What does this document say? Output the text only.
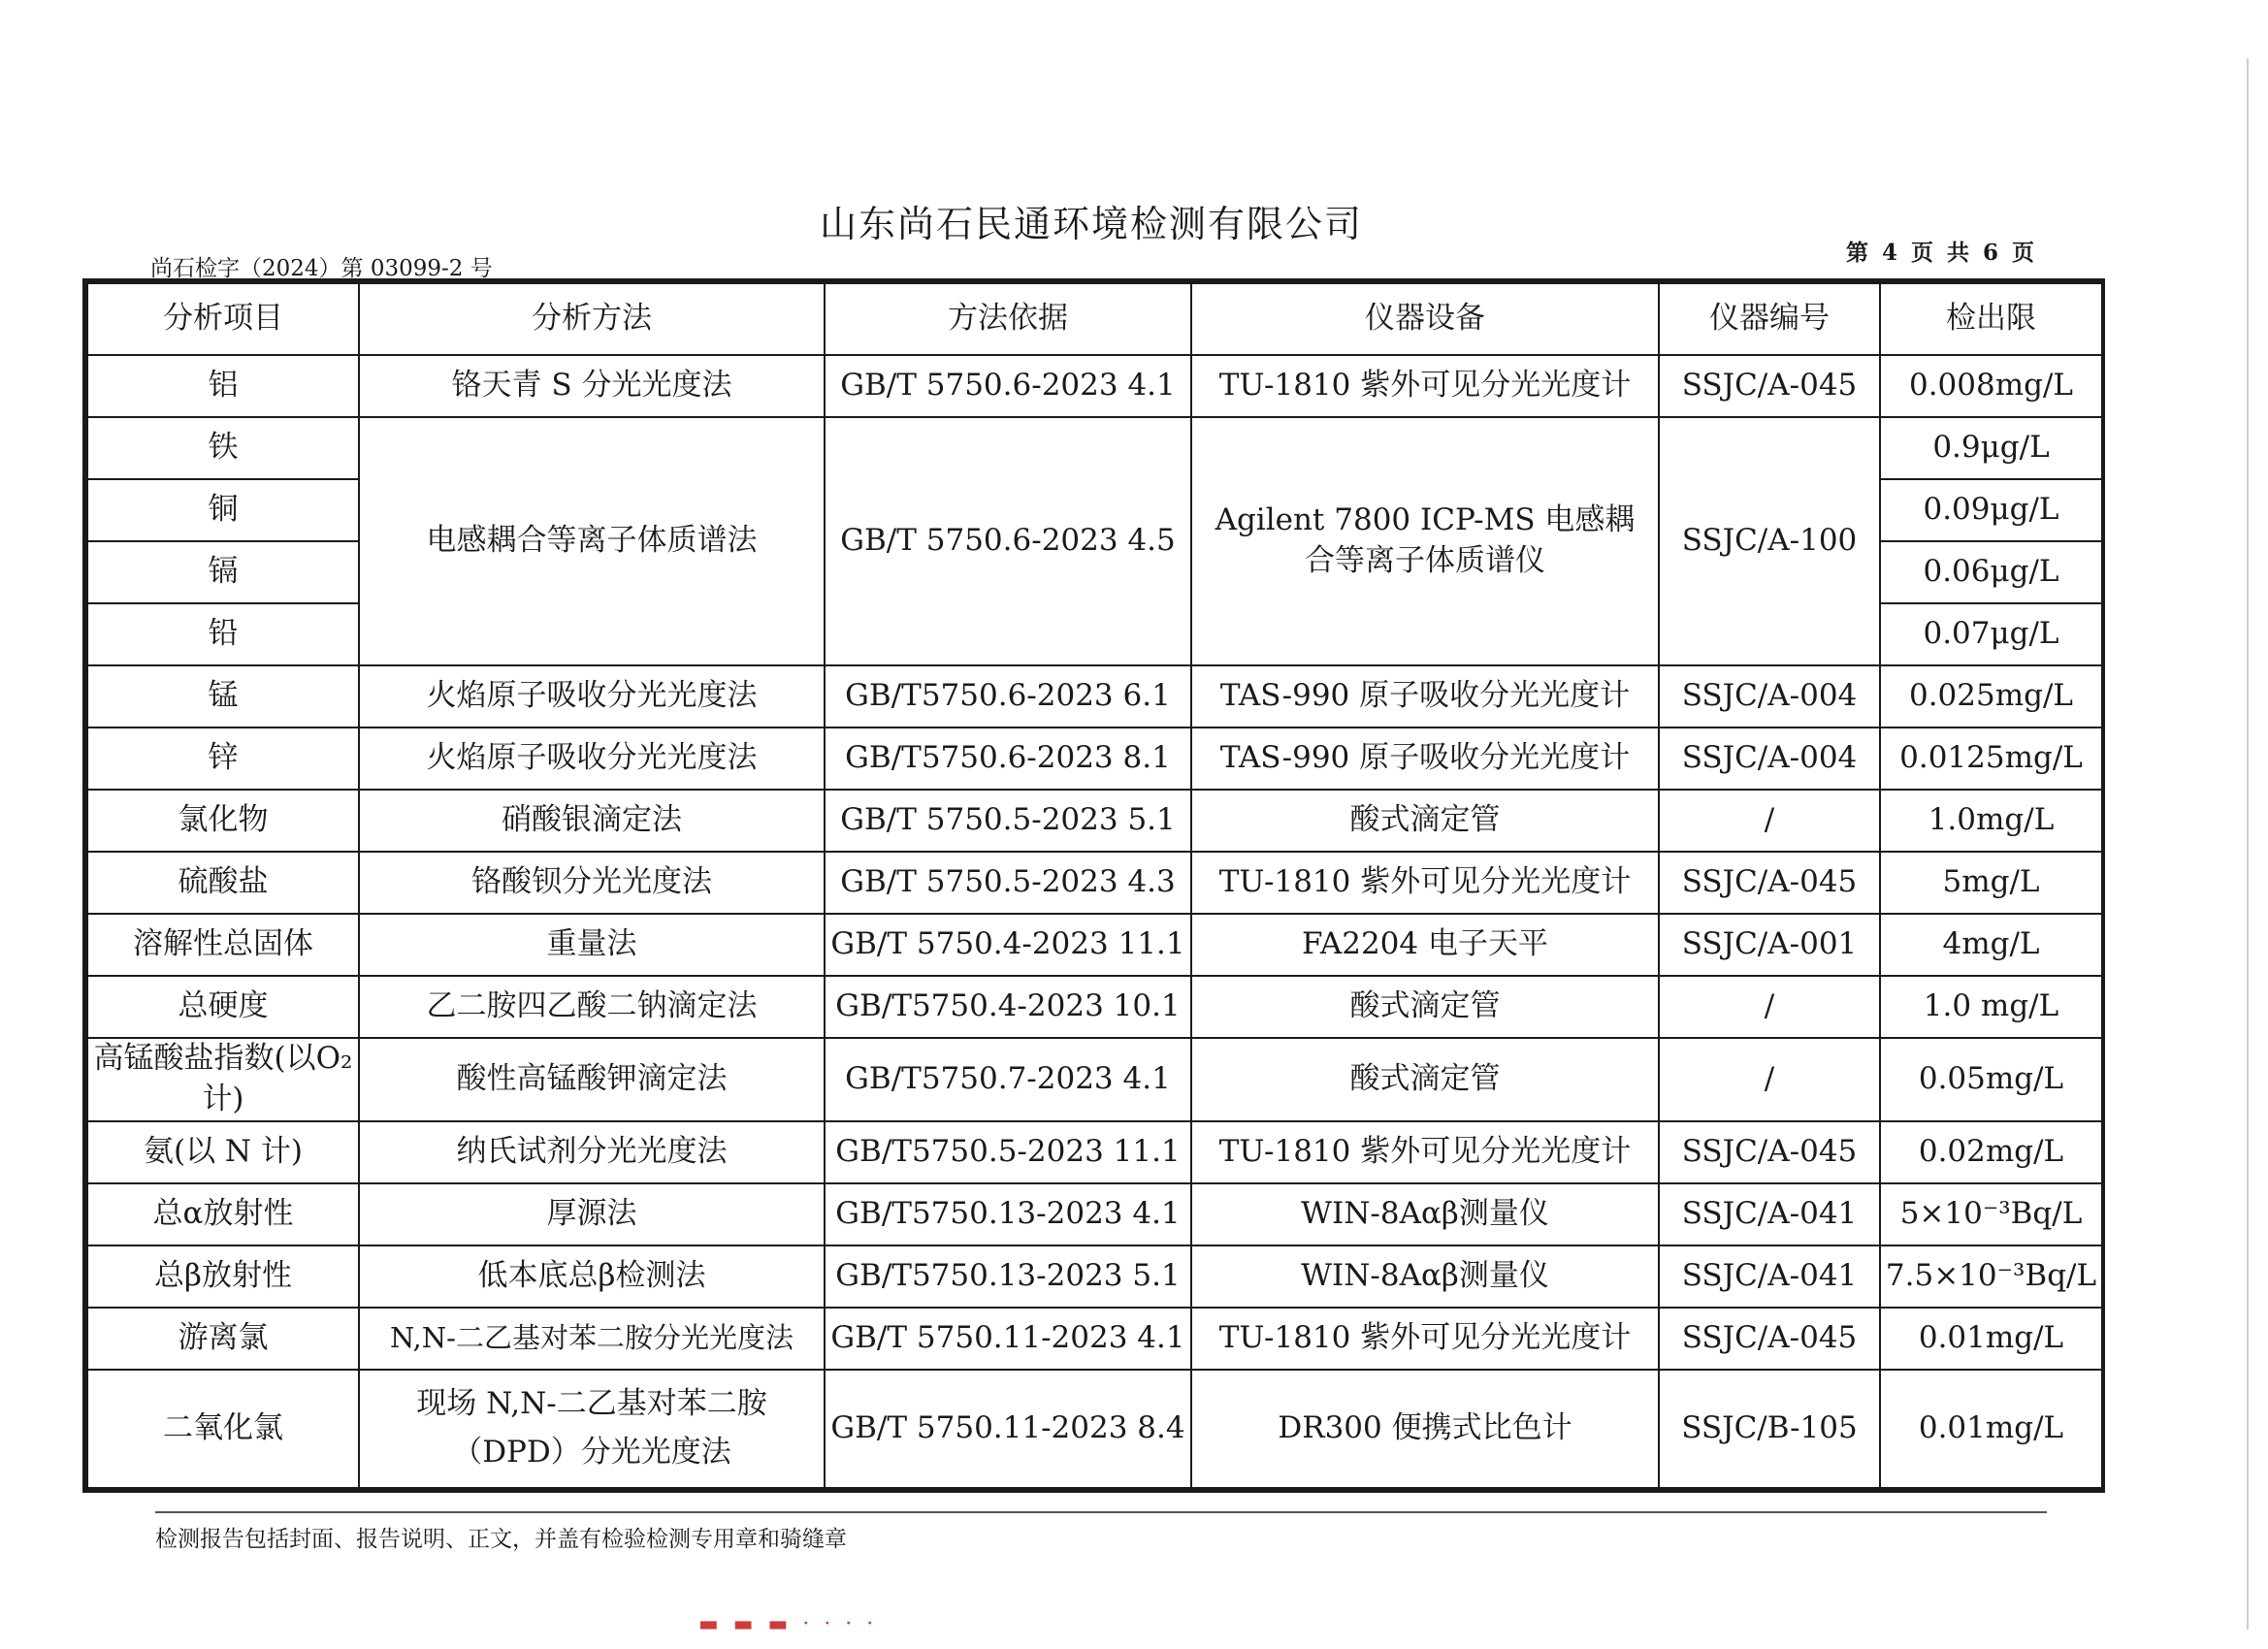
山东尚石民通环境检测有限公司
尚石检字（2024）第 03099-2 号
第 4 页 共 6 页
分析项目	分析方法	方法依据	仪器设备	仪器编号	检出限
铝	铬天青 S 分光光度法	GB/T 5750.6-2023 4.1	TU-1810 紫外可见分光光度计	SSJC/A-045	0.008mg/L
铁	电感耦合等离子体质谱法	GB/T 5750.6-2023 4.5	Agilent 7800 ICP-MS 电感耦合等离子体质谱仪	SSJC/A-100	0.9μg/L
铜					0.09μg/L
镉					0.06μg/L
铅					0.07μg/L
锰	火焰原子吸收分光光度法	GB/T5750.6-2023 6.1	TAS-990 原子吸收分光光度计	SSJC/A-004	0.025mg/L
锌	火焰原子吸收分光光度法	GB/T5750.6-2023 8.1	TAS-990 原子吸收分光光度计	SSJC/A-004	0.0125mg/L
氯化物	硝酸银滴定法	GB/T 5750.5-2023 5.1	酸式滴定管	/	1.0mg/L
硫酸盐	铬酸钡分光光度法	GB/T 5750.5-2023 4.3	TU-1810 紫外可见分光光度计	SSJC/A-045	5mg/L
溶解性总固体	重量法	GB/T 5750.4-2023 11.1	FA2204 电子天平	SSJC/A-001	4mg/L
总硬度	乙二胺四乙酸二钠滴定法	GB/T5750.4-2023 10.1	酸式滴定管	/	1.0 mg/L
高锰酸盐指数(以O₂计)	酸性高锰酸钾滴定法	GB/T5750.7-2023 4.1	酸式滴定管	/	0.05mg/L
氨(以 N 计)	纳氏试剂分光光度法	GB/T5750.5-2023 11.1	TU-1810 紫外可见分光光度计	SSJC/A-045	0.02mg/L
总α放射性	厚源法	GB/T5750.13-2023 4.1	WIN-8Aαβ测量仪	SSJC/A-041	5×10⁻³Bq/L
总β放射性	低本底总β检测法	GB/T5750.13-2023 5.1	WIN-8Aαβ测量仪	SSJC/A-041	7.5×10⁻³Bq/L
游离氯	N,N-二乙基对苯二胺分光光度法	GB/T 5750.11-2023 4.1	TU-1810 紫外可见分光光度计	SSJC/A-045	0.01mg/L
二氧化氯	现场 N,N-二乙基对苯二胺（DPD）分光光度法	GB/T 5750.11-2023 8.4	DR300 便携式比色计	SSJC/B-105	0.01mg/L
检测报告包括封面、报告说明、正文，并盖有检验检测专用章和骑缝章
▬ ▬ ▬ · · · ·
